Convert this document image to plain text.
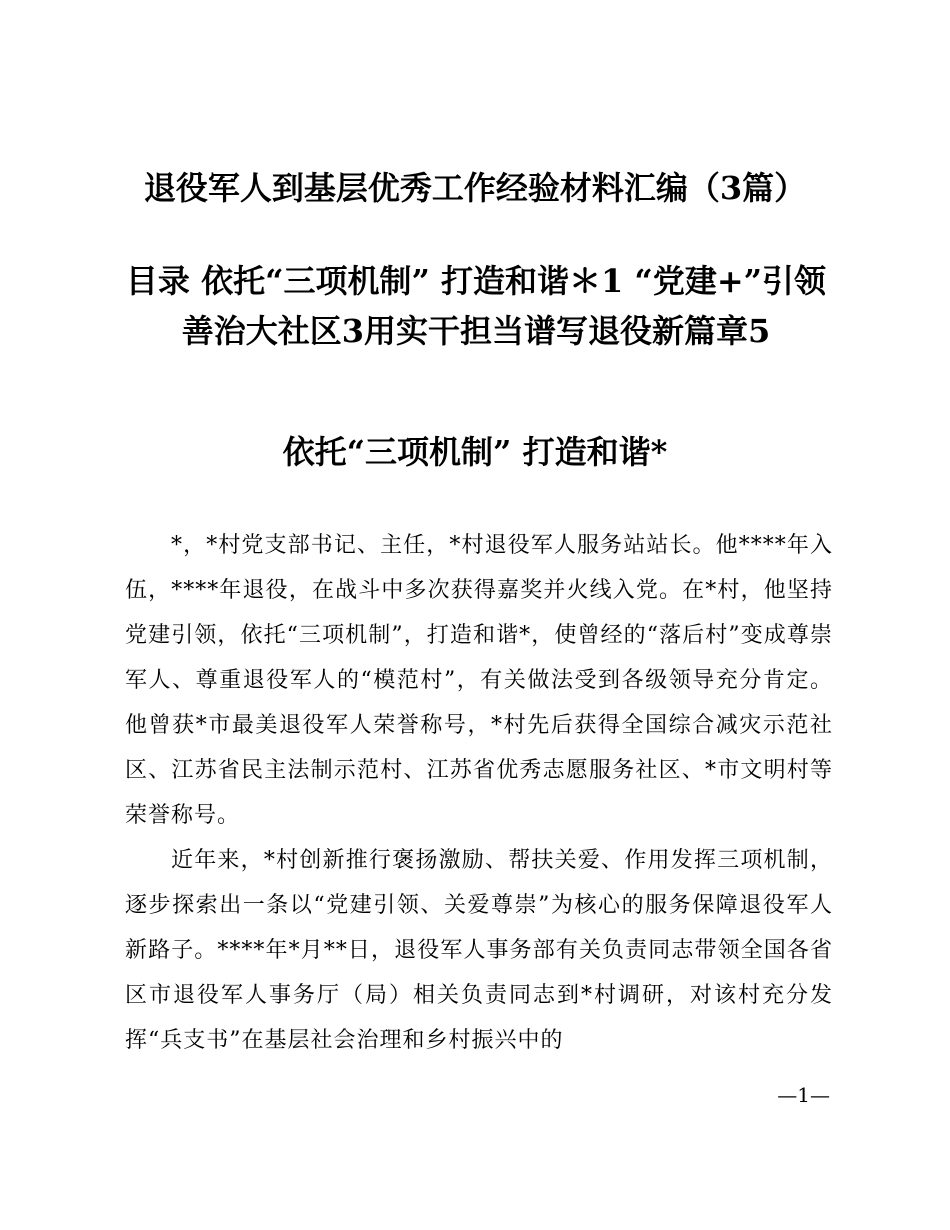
退役军人到基层优秀工作经验材料汇编（3篇）
目录 依托“三项机制” 打造和谐＊1 “党建+”引领善治大社区3用实干担当谱写退役新篇章5
依托“三项机制” 打造和谐*

*，*村党支部书记、主任，*村退役军人服务站站长。他****年入伍，****年退役，在战斗中多次获得嘉奖并火线入党。在*村，他坚持党建引领，依托“三项机制”，打造和谐*，使曾经的“落后村”变成尊崇军人、尊重退役军人的“模范村”，有关做法受到各级领导充分肯定。他曾获*市最美退役军人荣誉称号，*村先后获得全国综合减灾示范社区、江苏省民主法制示范村、江苏省优秀志愿服务社区、*市文明村等荣誉称号。

近年来，*村创新推行褒扬激励、帮扶关爱、作用发挥三项机制，逐步探索出一条以“党建引领、关爱尊崇”为核心的服务保障退役军人新路子。****年*月**日，退役军人事务部有关负责同志带领全国各省区市退役军人事务厅（局）相关负责同志到*村调研，对该村充分发挥“兵支书”在基层社会治理和乡村振兴中的

—1—
